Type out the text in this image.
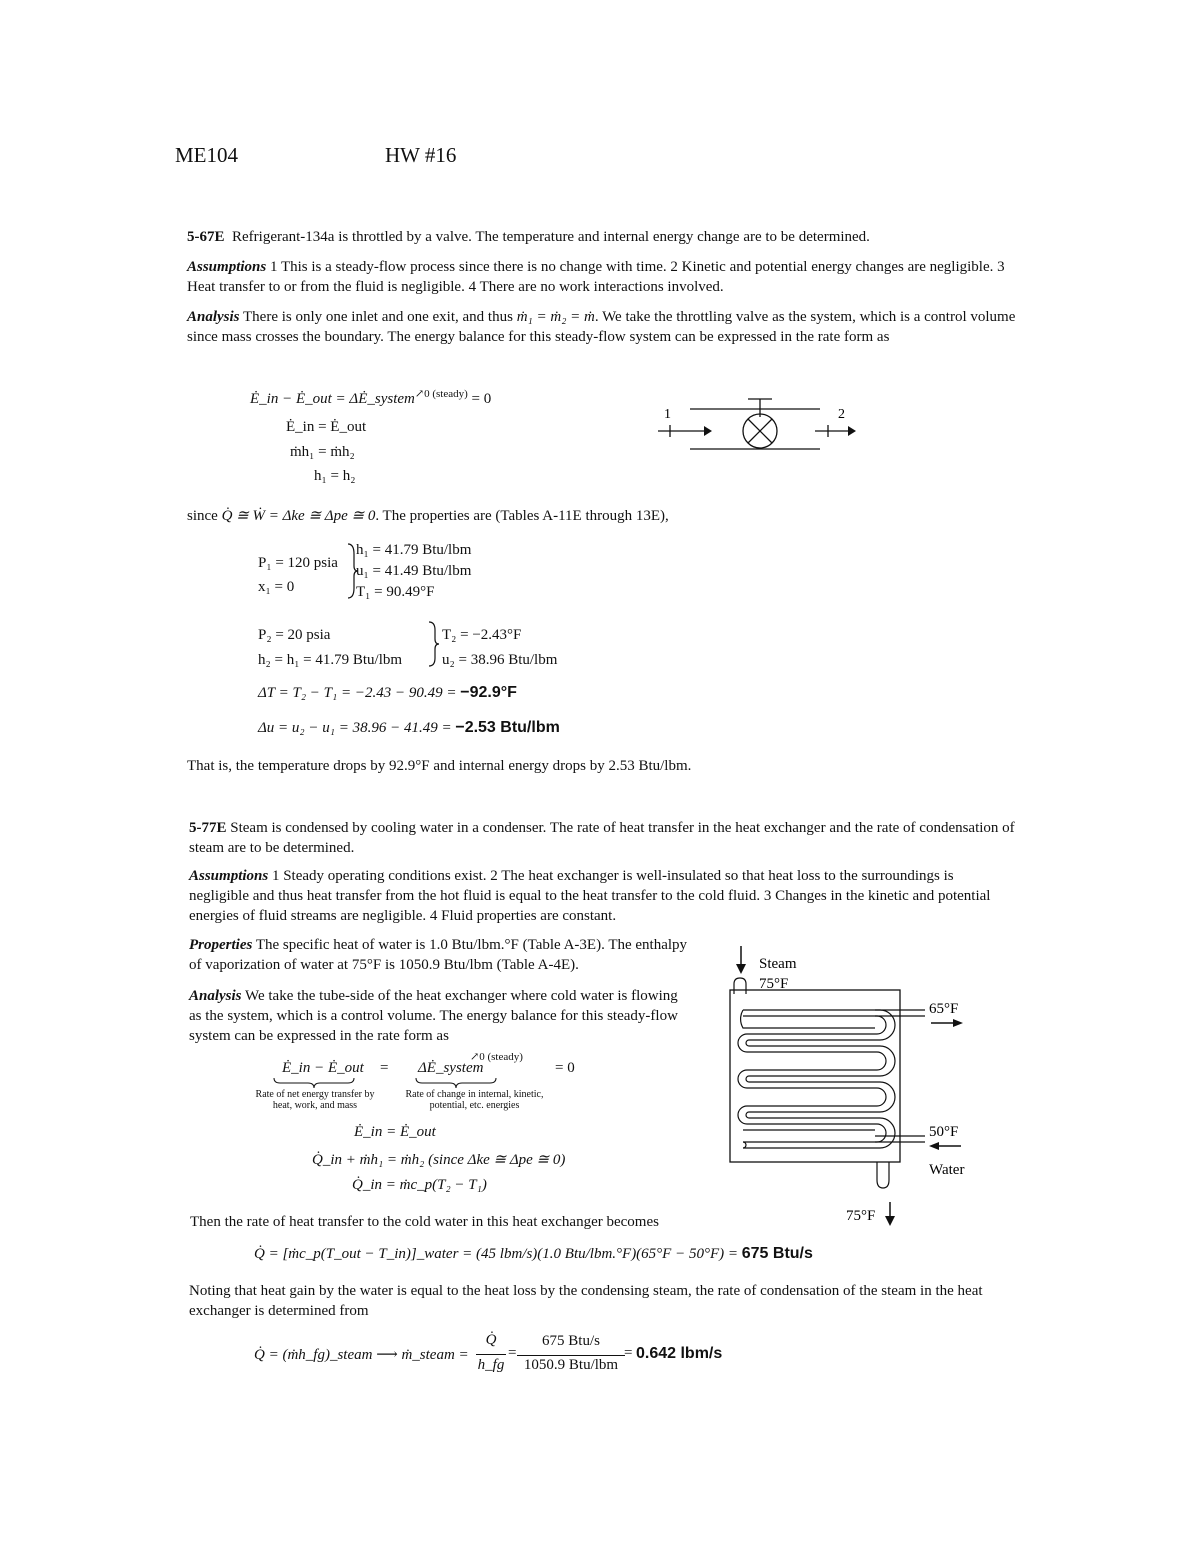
ME104	HW #16
5-67E Refrigerant-134a is throttled by a valve. The temperature and internal energy change are to be determined.
Assumptions 1 This is a steady-flow process since there is no change with time. 2 Kinetic and potential energy changes are negligible. 3 Heat transfer to or from the fluid is negligible. 4 There are no work interactions involved.
Analysis There is only one inlet and one exit, and thus ṁ₁ = ṁ₂ = ṁ. We take the throttling valve as the system, which is a control volume since mass crosses the boundary. The energy balance for this steady-flow system can be expressed in the rate form as
Ė_in − Ė_out = ΔĖ_system$^{↗0 (steady)}$ = 0
Ė_in = Ė_out
ṁh₁ = ṁh₂
h₁ = h₂
1	2
since Q̇ ≅ Ẇ = Δke ≅ Δpe ≅ 0. The properties are (Tables A-11E through 13E),
P₁ = 120 psia
x₁ = 0
h₁ = 41.79 Btu/lbm
u₁ = 41.49 Btu/lbm
T₁ = 90.49°F
P₂ = 20 psia
h₂ = h₁ = 41.79 Btu/lbm
T₂ = −2.43°F
u₂ = 38.96 Btu/lbm
ΔT = T₂ − T₁ = −2.43 − 90.49 = −92.9°F
Δu = u₂ − u₁ = 38.96 − 41.49 = −2.53 Btu/lbm
That is, the temperature drops by 92.9°F and internal energy drops by 2.53 Btu/lbm.
5-77E Steam is condensed by cooling water in a condenser. The rate of heat transfer in the heat exchanger and the rate of condensation of steam are to be determined.
Assumptions 1 Steady operating conditions exist. 2 The heat exchanger is well-insulated so that heat loss to the surroundings is negligible and thus heat transfer from the hot fluid is equal to the heat transfer to the cold fluid. 3 Changes in the kinetic and potential energies of fluid streams are negligible. 4 Fluid properties are constant.
Properties The specific heat of water is 1.0 Btu/lbm.°F (Table A-3E). The enthalpy of vaporization of water at 75°F is 1050.9 Btu/lbm (Table A-4E).
Analysis We take the tube-side of the heat exchanger where cold water is flowing as the system, which is a control volume. The energy balance for this steady-flow system can be expressed in the rate form as
Ė_in − Ė_out = ΔĖ_system
↗0 (steady)
= 0
Rate of net energy transfer by heat, work, and mass
Rate of change in internal, kinetic, potential, etc. energies
Ė_in = Ė_out
Q̇_in + ṁh₁ = ṁh₂ (since Δke ≅ Δpe ≅ 0)
Q̇_in = ṁc_p(T₂ − T₁)
Steam
75°F
65°F
50°F
Water
75°F
Then the rate of heat transfer to the cold water in this heat exchanger becomes
Q̇ = [ṁc_p(T_out − T_in)]_water = (45 lbm/s)(1.0 Btu/lbm.°F)(65°F − 50°F) = 675 Btu/s
Noting that heat gain by the water is equal to the heat loss by the condensing steam, the rate of condensation of the steam in the heat exchanger is determined from
Q̇ = (ṁh_fg)_steam ⟶ ṁ_steam =
Q̇
h_fg
=
675 Btu/s
1050.9 Btu/lbm
= 0.642 lbm/s
